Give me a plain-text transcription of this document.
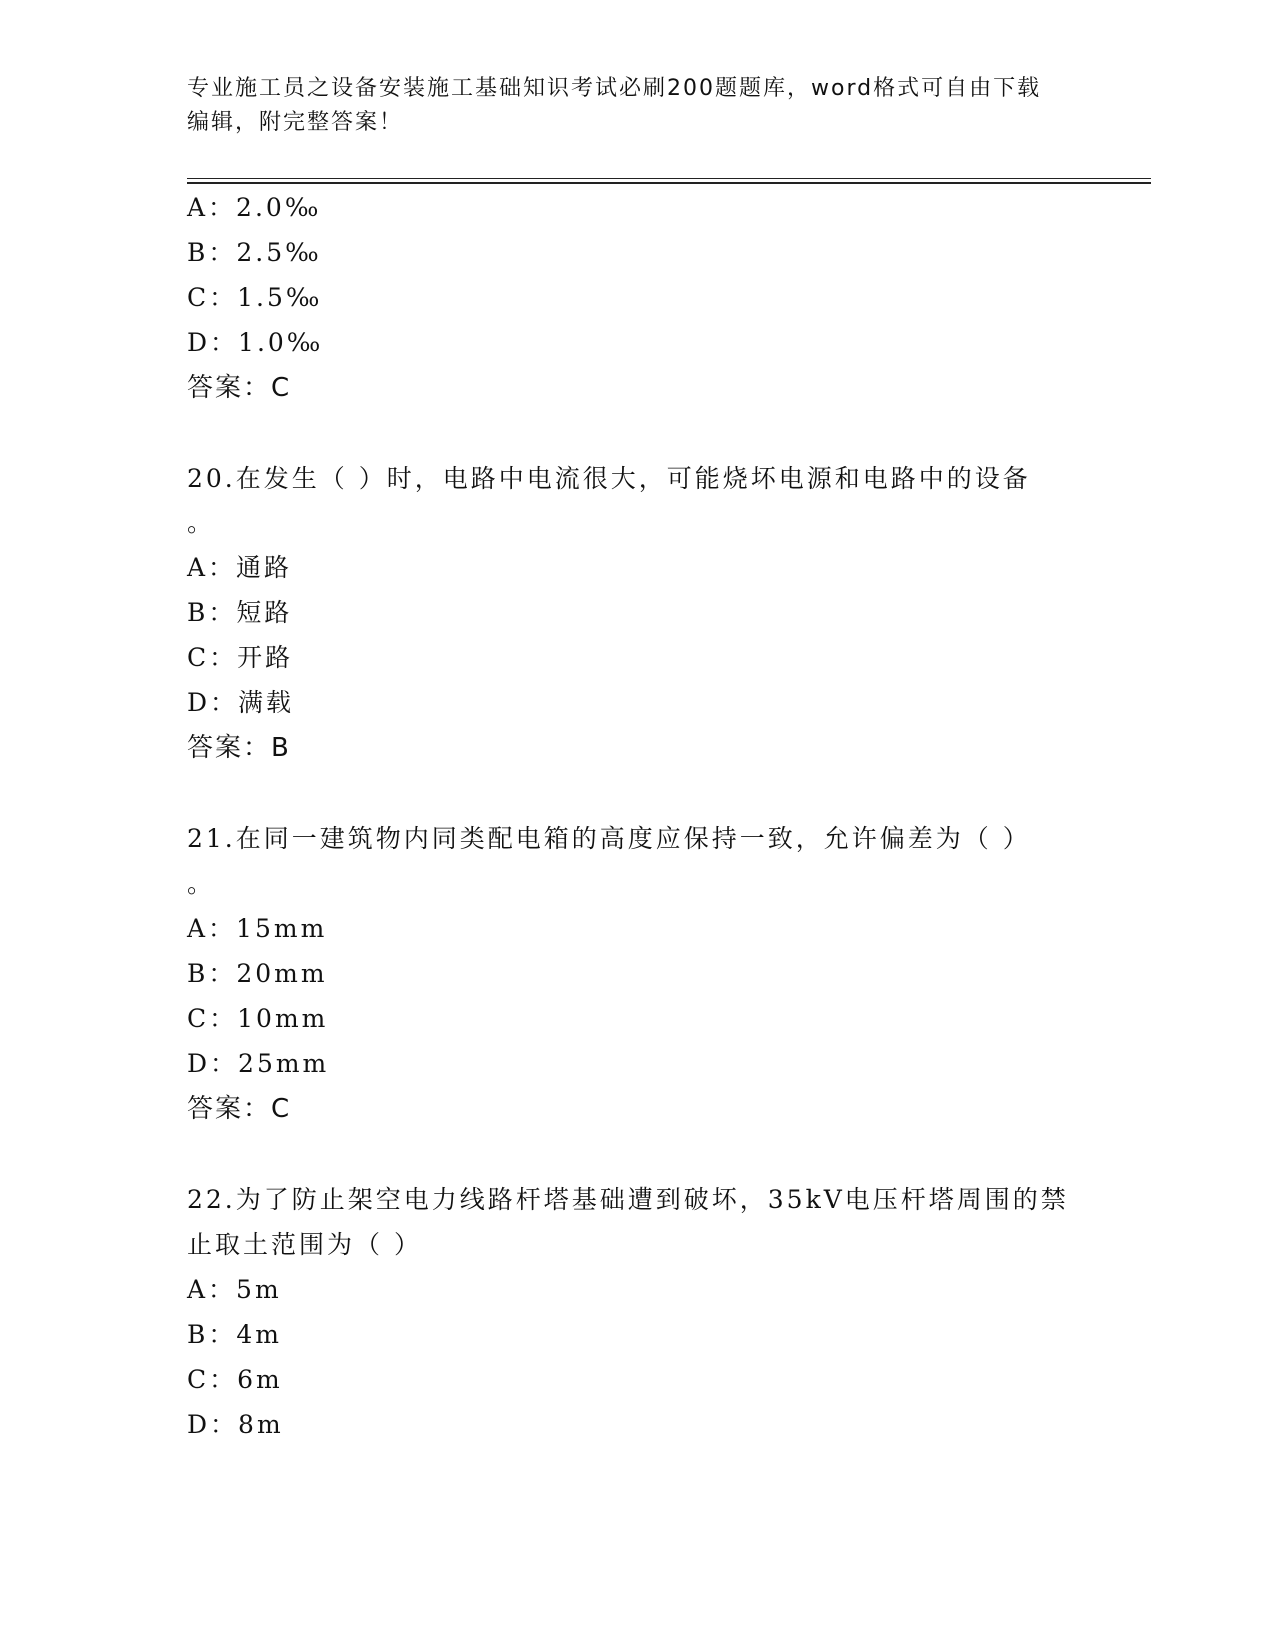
专业施工员之设备安装施工基础知识考试必刷200题题库，word格式可自由下载
编辑，附完整答案！
A：2.0‰
B：2.5‰
C：1.5‰
D：1.0‰
答案：C
20.在发生（ ）时，电路中电流很大，可能烧坏电源和电路中的设备
。
A：通路
B：短路
C：开路
D：满载
答案：B
21.在同一建筑物内同类配电箱的高度应保持一致，允许偏差为（ ）
。
A：15mm
B：20mm
C：10mm
D：25mm
答案：C
22.为了防止架空电力线路杆塔基础遭到破坏，35kV电压杆塔周围的禁
止取土范围为（ ）
A：5m
B：4m
C：6m
D：8m
